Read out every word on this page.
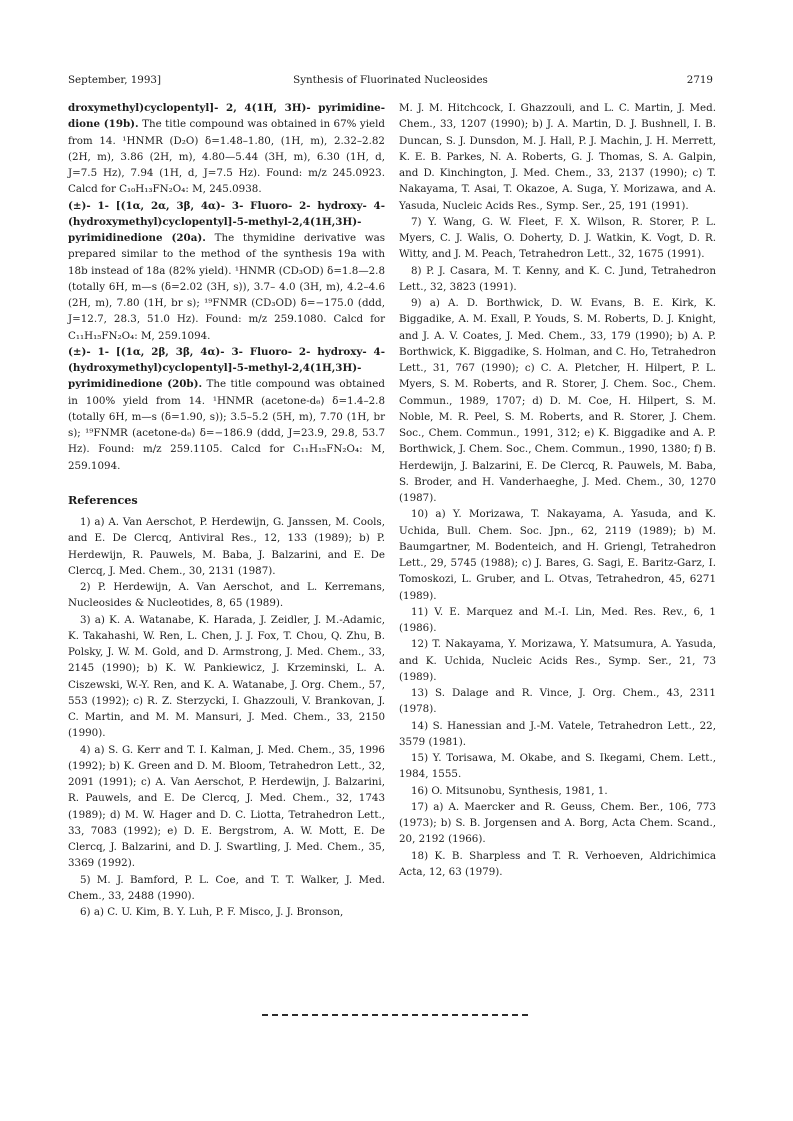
September, 1993]	Synthesis of Fluorinated Nucleosides	2719

droxymethyl)cyclopentyl]- 2, 4(1H, 3H)- pyrimidine-dione (19b). The title compound was obtained in 67% yield from 14. ¹HNMR (D₂O) δ=1.48–1.80, (1H, m), 2.32–2.82 (2H, m), 3.86 (2H, m), 4.80—5.44 (3H, m), 6.30 (1H, d, J=7.5 Hz), 7.94 (1H, d, J=7.5 Hz). Found: m/z 245.0923. Calcd for C₁₀H₁₃FN₂O₄: M, 245.0938.

(±)- 1- [(1α, 2α, 3β, 4α)- 3- Fluoro- 2- hydroxy- 4- (hydroxymethyl)cyclopentyl]-5-methyl-2,4(1H,3H)-pyrimidinedione (20a). The thymidine derivative was prepared similar to the method of the synthesis 19a with 18b instead of 18a (82% yield). ¹HNMR (CD₃OD) δ=1.8—2.8 (totally 6H, m—s (δ=2.02 (3H, s)), 3.7– 4.0 (3H, m), 4.2–4.6 (2H, m), 7.80 (1H, br s); ¹⁹FNMR (CD₃OD) δ=−175.0 (ddd, J=12.7, 28.3, 51.0 Hz). Found: m/z 259.1080. Calcd for C₁₁H₁₅FN₂O₄: M, 259.1094.

(±)- 1- [(1α, 2β, 3β, 4α)- 3- Fluoro- 2- hydroxy- 4- (hydroxymethyl)cyclopentyl]-5-methyl-2,4(1H,3H)-pyrimidinedione (20b). The title compound was obtained in 100% yield from 14. ¹HNMR (acetone-d₆) δ=1.4–2.8 (totally 6H, m—s (δ=1.90, s)); 3.5–5.2 (5H, m), 7.70 (1H, br s); ¹⁹FNMR (acetone-d₆) δ=−186.9 (ddd, J=23.9, 29.8, 53.7 Hz). Found: m/z 259.1105. Calcd for C₁₁H₁₅FN₂O₄: M, 259.1094.

References

1) a) A. Van Aerschot, P. Herdewijn, G. Janssen, M. Cools, and E. De Clercq, Antiviral Res., 12, 133 (1989); b) P. Herdewijn, R. Pauwels, M. Baba, J. Balzarini, and E. De Clercq, J. Med. Chem., 30, 2131 (1987).

2) P. Herdewijn, A. Van Aerschot, and L. Kerremans, Nucleosides & Nucleotides, 8, 65 (1989).

3) a) K. A. Watanabe, K. Harada, J. Zeidler, J. M.-Adamic, K. Takahashi, W. Ren, L. Chen, J. J. Fox, T. Chou, Q. Zhu, B. Polsky, J. W. M. Gold, and D. Armstrong, J. Med. Chem., 33, 2145 (1990); b) K. W. Pankiewicz, J. Krzeminski, L. A. Ciszewski, W.-Y. Ren, and K. A. Watanabe, J. Org. Chem., 57, 553 (1992); c) R. Z. Sterzycki, I. Ghazzouli, V. Brankovan, J. C. Martin, and M. M. Mansuri, J. Med. Chem., 33, 2150 (1990).

4) a) S. G. Kerr and T. I. Kalman, J. Med. Chem., 35, 1996 (1992); b) K. Green and D. M. Bloom, Tetrahedron Lett., 32, 2091 (1991); c) A. Van Aerschot, P. Herdewijn, J. Balzarini, R. Pauwels, and E. De Clercq, J. Med. Chem., 32, 1743 (1989); d) M. W. Hager and D. C. Liotta, Tetrahedron Lett., 33, 7083 (1992); e) D. E. Bergstrom, A. W. Mott, E. De Clercq, J. Balzarini, and D. J. Swartling, J. Med. Chem., 35, 3369 (1992).

5) M. J. Bamford, P. L. Coe, and T. T. Walker, J. Med. Chem., 33, 2488 (1990).

6) a) C. U. Kim, B. Y. Luh, P. F. Misco, J. J. Bronson,

M. J. M. Hitchcock, I. Ghazzouli, and L. C. Martin, J. Med. Chem., 33, 1207 (1990); b) J. A. Martin, D. J. Bushnell, I. B. Duncan, S. J. Dunsdon, M. J. Hall, P. J. Machin, J. H. Merrett, K. E. B. Parkes, N. A. Roberts, G. J. Thomas, S. A. Galpin, and D. Kinchington, J. Med. Chem., 33, 2137 (1990); c) T. Nakayama, T. Asai, T. Okazoe, A. Suga, Y. Morizawa, and A. Yasuda, Nucleic Acids Res., Symp. Ser., 25, 191 (1991).

7) Y. Wang, G. W. Fleet, F. X. Wilson, R. Storer, P. L. Myers, C. J. Walis, O. Doherty, D. J. Watkin, K. Vogt, D. R. Witty, and J. M. Peach, Tetrahedron Lett., 32, 1675 (1991).

8) P. J. Casara, M. T. Kenny, and K. C. Jund, Tetrahedron Lett., 32, 3823 (1991).

9) a) A. D. Borthwick, D. W. Evans, B. E. Kirk, K. Biggadike, A. M. Exall, P. Youds, S. M. Roberts, D. J. Knight, and J. A. V. Coates, J. Med. Chem., 33, 179 (1990); b) A. P. Borthwick, K. Biggadike, S. Holman, and C. Ho, Tetrahedron Lett., 31, 767 (1990); c) C. A. Pletcher, H. Hilpert, P. L. Myers, S. M. Roberts, and R. Storer, J. Chem. Soc., Chem. Commun., 1989, 1707; d) D. M. Coe, H. Hilpert, S. M. Noble, M. R. Peel, S. M. Roberts, and R. Storer, J. Chem. Soc., Chem. Commun., 1991, 312; e) K. Biggadike and A. P. Borthwick, J. Chem. Soc., Chem. Commun., 1990, 1380; f) B. Herdewijn, J. Balzarini, E. De Clercq, R. Pauwels, M. Baba, S. Broder, and H. Vanderhaeghe, J. Med. Chem., 30, 1270 (1987).

10) a) Y. Morizawa, T. Nakayama, A. Yasuda, and K. Uchida, Bull. Chem. Soc. Jpn., 62, 2119 (1989); b) M. Baumgartner, M. Bodenteich, and H. Griengl, Tetrahedron Lett., 29, 5745 (1988); c) J. Bares, G. Sagi, E. Baritz-Garz, I. Tomoskozi, L. Gruber, and L. Otvas, Tetrahedron, 45, 6271 (1989).

11) V. E. Marquez and M.-I. Lin, Med. Res. Rev., 6, 1 (1986).

12) T. Nakayama, Y. Morizawa, Y. Matsumura, A. Yasuda, and K. Uchida, Nucleic Acids Res., Symp. Ser., 21, 73 (1989).

13) S. Dalage and R. Vince, J. Org. Chem., 43, 2311 (1978).

14) S. Hanessian and J.-M. Vatele, Tetrahedron Lett., 22, 3579 (1981).

15) Y. Torisawa, M. Okabe, and S. Ikegami, Chem. Lett., 1984, 1555.

16) O. Mitsunobu, Synthesis, 1981, 1.

17) a) A. Maercker and R. Geuss, Chem. Ber., 106, 773 (1973); b) S. B. Jorgensen and A. Borg, Acta Chem. Scand., 20, 2192 (1966).

18) K. B. Sharpless and T. R. Verhoeven, Aldrichimica Acta, 12, 63 (1979).
